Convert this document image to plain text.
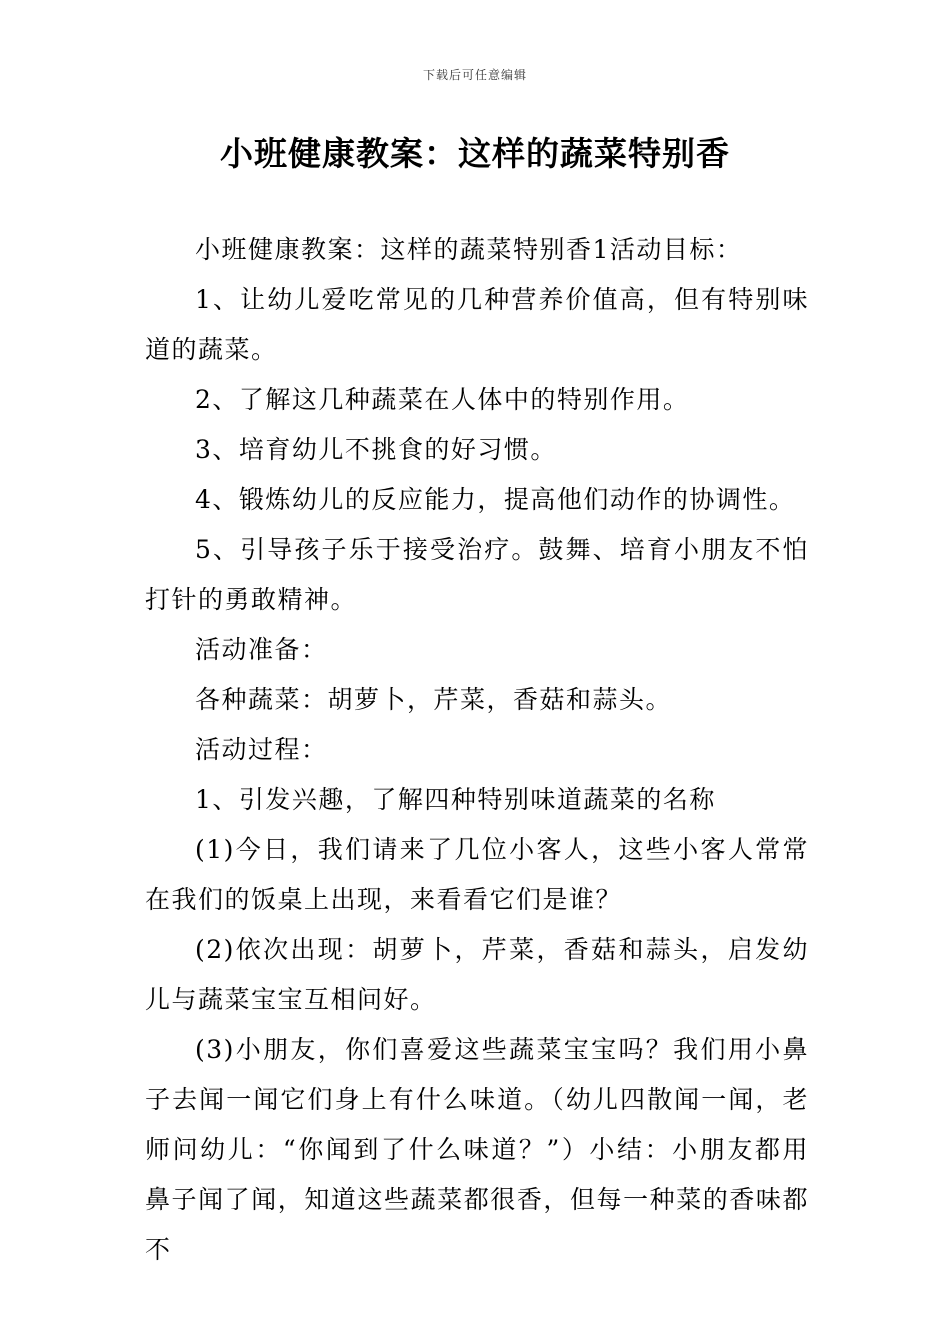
下载后可任意编辑
小班健康教案：这样的蔬菜特别香

小班健康教案：这样的蔬菜特别香1活动目标：

1、让幼儿爱吃常见的几种营养价值高，但有特别味道的蔬菜。

2、了解这几种蔬菜在人体中的特别作用。

3、培育幼儿不挑食的好习惯。

4、锻炼幼儿的反应能力，提高他们动作的协调性。

5、引导孩子乐于接受治疗。鼓舞、培育小朋友不怕打针的勇敢精神。

活动准备：

各种蔬菜：胡萝卜，芹菜，香菇和蒜头。

活动过程：

1、引发兴趣，了解四种特别味道蔬菜的名称

(1)今日，我们请来了几位小客人，这些小客人常常在我们的饭桌上出现，来看看它们是谁？

(2)依次出现：胡萝卜，芹菜，香菇和蒜头，启发幼儿与蔬菜宝宝互相问好。

(3)小朋友，你们喜爱这些蔬菜宝宝吗？我们用小鼻子去闻一闻它们身上有什么味道。（幼儿四散闻一闻，老师问幼儿：“你闻到了什么味道？”）小结：小朋友都用鼻子闻了闻，知道这些蔬菜都很香，但每一种菜的香味都不
